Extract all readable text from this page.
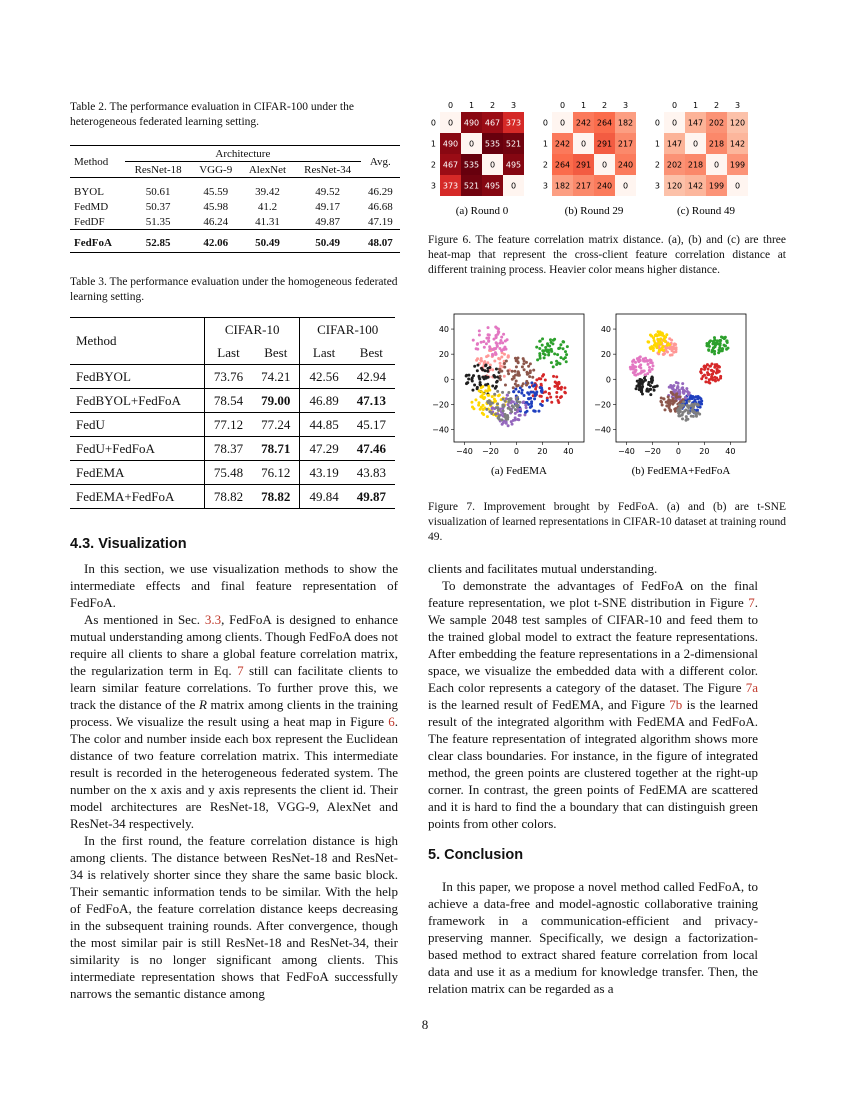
Table 2. The performance evaluation in CIFAR-100 under the heterogeneous federated learning setting.
Method	Architecture				Avg.
	ResNet-18	VGG-9	AlexNet	ResNet-34	

BYOL	50.61	45.59	39.42	49.52	46.29
FedMD	50.37	45.98	41.2	49.17	46.68
FedDF	51.35	46.24	41.31	49.87	47.19

FedFoA	52.85	42.06	50.49	50.49	48.07
Table 3. The performance evaluation under the homogeneous federated learning setting.
Method	CIFAR-10		CIFAR-100	
	Last	Best	Last	Best
FedBYOL	73.76	74.21	42.56	42.94
FedBYOL+FedFoA	78.54	79.00	46.89	47.13
FedU	77.12	77.24	44.85	45.17
FedU+FedFoA	78.37	78.71	47.29	47.46
FedEMA	75.48	76.12	43.19	43.83
FedEMA+FedFoA	78.82	78.82	49.84	49.87
4.3. Visualization

In this section, we use visualization methods to show the intermediate effects and final feature representation of FedFoA.

As mentioned in Sec. 3.3, FedFoA is designed to enhance mutual understanding among clients. Though FedFoA does not require all clients to share a global feature correlation matrix, the regularization term in Eq. 7 still can facilitate clients to learn similar feature correlations. To further prove this, we track the distance of the R matrix among clients in the training process. We visualize the result using a heat map in Figure 6. The color and number inside each box represent the Euclidean distance of two feature correlation matrix. This intermediate result is recorded in the heterogeneous federated system. The number on the x axis and y axis represents the client id. Their model architectures are ResNet-18, VGG-9, AlexNet and ResNet-34 respectively.

In the first round, the feature correlation distance is high among clients. The distance between ResNet-18 and ResNet-34 is relatively shorter since they share the same basic block. Their semantic information tends to be similar. With the help of FedFoA, the feature correlation distance keeps decreasing in the subsequent training rounds. After convergence, though the most similar pair is still ResNet-18 and ResNet-34, their similarity is no longer significant among clients. This intermediate representation shows that FedFoA successfully narrows the semantic distance among

0
0
1
1
2
2
3
3
0 490 467 373
490 0 535 521
467 535 0 495
373 521 495 0
(a) Round 0
0
0
1
1
2
2
3
3
0 242 264 182
242 0 291 217
264 291 0 240
182 217 240 0
(b) Round 29
0
0
1
1
2
2
3
3
0 147 202 120
147 0 218 142
202 218 0 199
120 142 199 0
(c) Round 49
Figure 6. The feature correlation matrix distance. (a), (b) and (c) are three heat-map that represent the cross-client feature correlation distance at different training process. Heavier color means higher distance.
−40 −20 0 20 40
40
20
0
−20
−40
(a) FedEMA
−40 −20 0 20 40
40
20
0
−20
−40
(b) FedEMA+FedFoA
Figure 7. Improvement brought by FedFoA. (a) and (b) are t-SNE visualization of learned representations in CIFAR-10 dataset at training round 49.

clients and facilitates mutual understanding.

To demonstrate the advantages of FedFoA on the final feature representation, we plot t-SNE distribution in Figure 7. We sample 2048 test samples of CIFAR-10 and feed them to the trained global model to extract the feature representations. After embedding the feature representations in a 2-dimensional space, we visualize the embedded data with a different color. Each color represents a category of the dataset. The Figure 7a is the learned result of FedEMA, and Figure 7b is the learned result of the integrated algorithm with FedEMA and FedFoA. The feature representation of integrated algorithm shows more clear class boundaries. For instance, in the figure of integrated method, the green points are clustered together at the right-up corner. In contrast, the green points of FedEMA are scattered and it is hard to find the a boundary that can distinguish green points from other colors.

5. Conclusion

In this paper, we propose a novel method called FedFoA, to achieve a data-free and model-agnostic collaborative training framework in a communication-efficient and privacy-preserving manner. Specifically, we design a factorization-based method to extract shared feature correlation from local data and use it as a medium for knowledge transfer. Then, the relation matrix can be regarded as a

8
